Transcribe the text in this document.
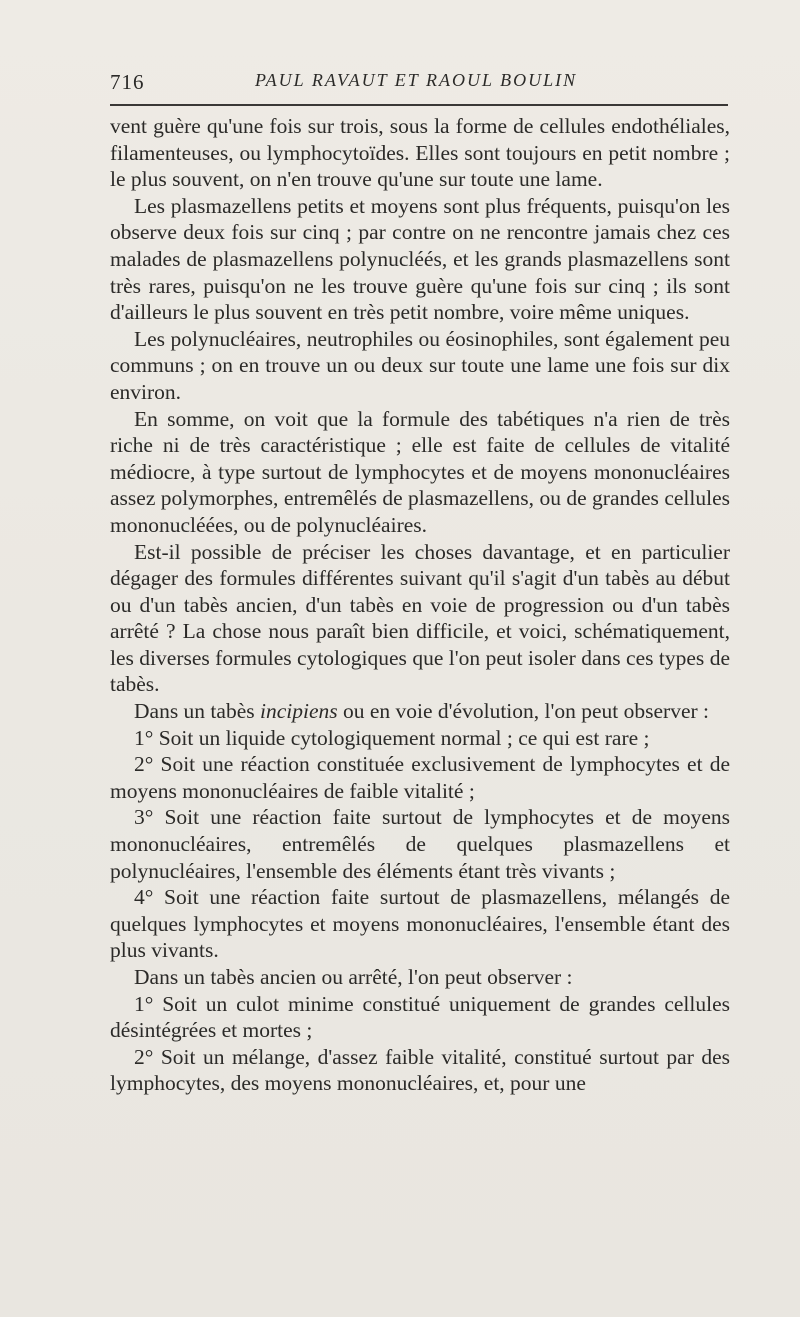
716	PAUL RAVAUT ET RAOUL BOULIN

vent guère qu'une fois sur trois, sous la forme de cellules endothéliales, filamenteuses, ou lymphocytoïdes. Elles sont toujours en petit nombre ; le plus souvent, on n'en trouve qu'une sur toute une lame.

Les plasmazellens petits et moyens sont plus fréquents, puisqu'on les observe deux fois sur cinq ; par contre on ne rencontre jamais chez ces malades de plasmazellens polynucléés, et les grands plasmazellens sont très rares, puisqu'on ne les trouve guère qu'une fois sur cinq ; ils sont d'ailleurs le plus souvent en très petit nombre, voire même uniques.

Les polynucléaires, neutrophiles ou éosinophiles, sont également peu communs ; on en trouve un ou deux sur toute une lame une fois sur dix environ.

En somme, on voit que la formule des tabétiques n'a rien de très riche ni de très caractéristique ; elle est faite de cellules de vitalité médiocre, à type surtout de lymphocytes et de moyens mononucléaires assez polymorphes, entremêlés de plasmazellens, ou de grandes cellules mononucléées, ou de polynucléaires.

Est-il possible de préciser les choses davantage, et en particulier dégager des formules différentes suivant qu'il s'agit d'un tabès au début ou d'un tabès ancien, d'un tabès en voie de progression ou d'un tabès arrêté ? La chose nous paraît bien difficile, et voici, schématiquement, les diverses formules cytologiques que l'on peut isoler dans ces types de tabès.

Dans un tabès incipiens ou en voie d'évolution, l'on peut observer :

1° Soit un liquide cytologiquement normal ; ce qui est rare ;

2° Soit une réaction constituée exclusivement de lymphocytes et de moyens mononucléaires de faible vitalité ;

3° Soit une réaction faite surtout de lymphocytes et de moyens mononucléaires, entremêlés de quelques plasmazellens et polynucléaires, l'ensemble des éléments étant très vivants ;

4° Soit une réaction faite surtout de plasmazellens, mélangés de quelques lymphocytes et moyens mononucléaires, l'ensemble étant des plus vivants.

Dans un tabès ancien ou arrêté, l'on peut observer :

1° Soit un culot minime constitué uniquement de grandes cellules désintégrées et mortes ;

2° Soit un mélange, d'assez faible vitalité, constitué surtout par des lymphocytes, des moyens mononucléaires, et, pour une
